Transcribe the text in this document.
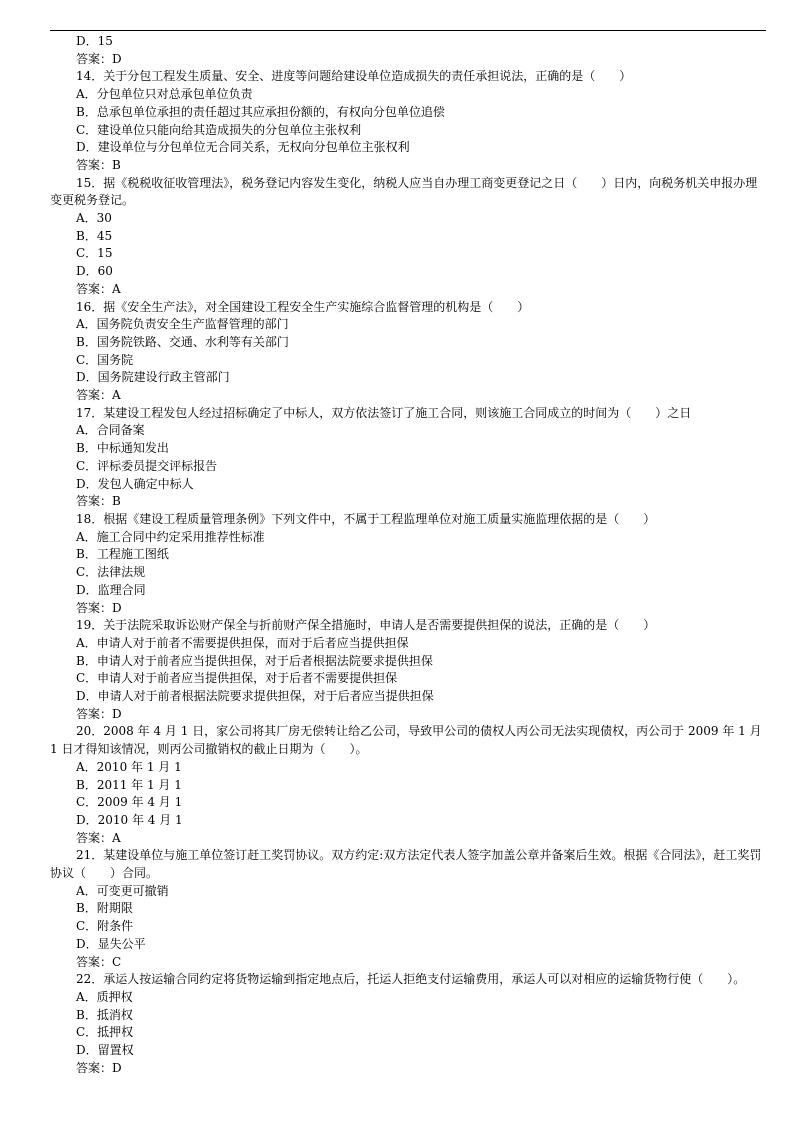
D．15
答案：D
14．关于分包工程发生质量、安全、进度等问题给建设单位造成损失的责任承担说法，正确的是（　　）
A．分包单位只对总承包单位负责
B．总承包单位承担的责任超过其应承担份额的，有权向分包单位追偿
C．建设单位只能向给其造成损失的分包单位主张权利
D．建设单位与分包单位无合同关系，无权向分包单位主张权利
答案：B
15．据《税税收征收管理法》，税务登记内容发生变化，纳税人应当自办理工商变更登记之日（　　）日内，向税务机关申报办理变更税务登记。
A．30
B．45
C．15
D．60
答案：A
16．据《安全生产法》，对全国建设工程安全生产实施综合监督管理的机构是（　　）
A．国务院负责安全生产监督管理的部门
B．国务院铁路、交通、水利等有关部门
C．国务院
D．国务院建设行政主管部门
答案：A
17．某建设工程发包人经过招标确定了中标人，双方依法签订了施工合同，则该施工合同成立的时间为（　　）之日
A．合同备案
B．中标通知发出
C．评标委员提交评标报告
D．发包人确定中标人
答案：B
18．根据《建设工程质量管理条例》下列文件中，不属于工程监理单位对施工质量实施监理依据的是（　　）
A．施工合同中约定采用推荐性标准
B．工程施工图纸
C．法律法规
D．监理合同
答案：D
19．关于法院采取诉讼财产保全与折前财产保全措施时，申请人是否需要提供担保的说法，正确的是（　　）
A．申请人对于前者不需要提供担保，而对于后者应当提供担保
B．申请人对于前者应当提供担保，对于后者根据法院要求提供担保
C．申请人对于前者应当提供担保，对于后者不需要提供担保
D．申请人对于前者根据法院要求提供担保，对于后者应当提供担保
答案：D
20．2008 年 4 月 1 日，家公司将其厂房无偿转让给乙公司，导致甲公司的债权人丙公司无法实现债权，丙公司于 2009 年 1 月 1 日才得知该情况，则丙公司撤销权的截止日期为（　　）。
A．2010 年 1 月 1
B．2011 年 1 月 1
C．2009 年 4 月 1
D．2010 年 4 月 1
答案：A
21．某建设单位与施工单位签订赶工奖罚协议。双方约定:双方法定代表人签字加盖公章并备案后生效。根据《合同法》，赶工奖罚协议（　　）合同。
A．可变更可撤销
B．附期限
C．附条件
D．显失公平
答案：C
22．承运人按运输合同约定将货物运输到指定地点后，托运人拒绝支付运输费用，承运人可以对相应的运输货物行使（　　）。
A．质押权
B．抵消权
C．抵押权
D．留置权
答案：D
